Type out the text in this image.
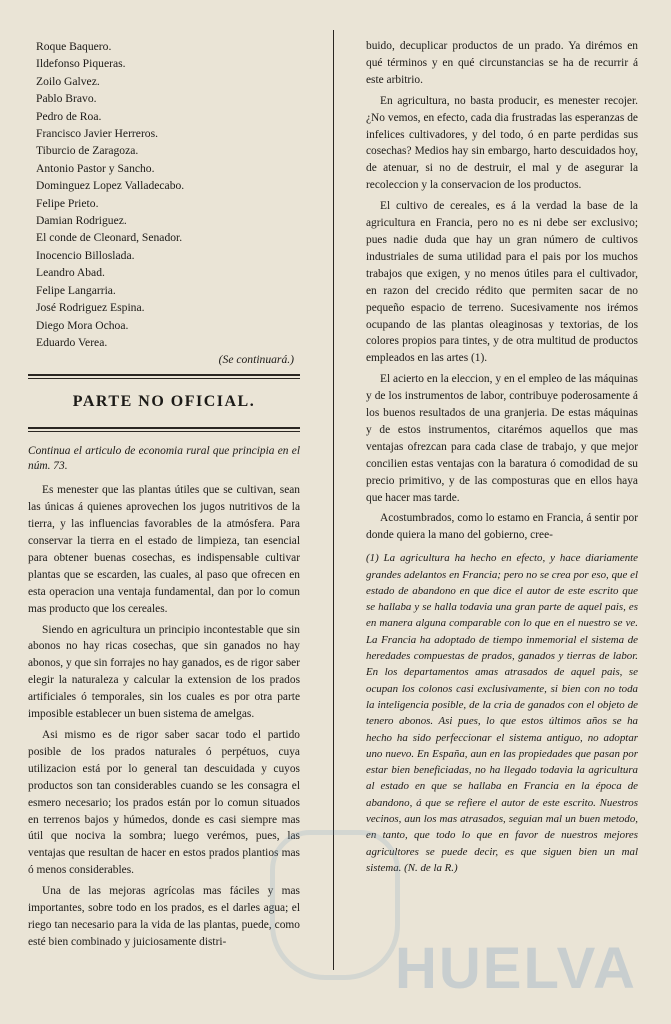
Roque Baquero.
Ildefonso Piqueras.
Zoilo Galvez.
Pablo Bravo.
Pedro de Roa.
Francisco Javier Herreros.
Tiburcio de Zaragoza.
Antonio Pastor y Sancho.
Dominguez Lopez Valladecabo.
Felipe Prieto.
Damian Rodriguez.
El conde de Cleonard, Senador.
Inocencio Billoslada.
Leandro Abad.
Felipe Langarria.
José Rodriguez Espina.
Diego Mora Ochoa.
Eduardo Verea.
(Se continuará.)
PARTE NO OFICIAL.
Continua el articulo de economia rural que principia en el núm. 73.

Es menester que las plantas útiles que se cultivan, sean las únicas á quienes aprovechen los jugos nutritivos de la tierra, y las influencias favorables de la atmósfera. Para conservar la tierra en el estado de limpieza, tan esencial para obtener buenas cosechas, es indispensable cultivar plantas que se escarden, las cuales, al paso que ofrecen en esta operacion una ventaja fundamental, dan por lo comun mas producto que los cereales.

Siendo en agricultura un principio incontestable que sin abonos no hay ricas cosechas, que sin ganados no hay abonos, y que sin forrajes no hay ganados, es de rigor saber elegir la naturaleza y calcular la extension de los prados artificiales ó temporales, sin los cuales es por otra parte imposible establecer un buen sistema de amelgas.

Asi mismo es de rigor saber sacar todo el partido posible de los prados naturales ó perpétuos, cuya utilizacion está por lo general tan descuidada y cuyos productos son tan considerables cuando se les consagra el esmero necesario; los prados están por lo comun situados en terrenos bajos y húmedos, donde es casi siempre mas útil que nociva la sombra; luego verémos, pues, las ventajas que resultan de hacer en estos prados plantios mas ó menos considerables.

Una de las mejoras agrícolas mas fáciles y mas importantes, sobre todo en los prados, es el darles agua; el riego tan necesario para la vida de las plantas, puede, como esté bien combinado y juiciosamente distri-

buido, decuplicar productos de un prado. Ya dirémos en qué términos y en qué circunstancias se ha de recurrir á este arbitrio.

En agricultura, no basta producir, es menester recojer. ¿No vemos, en efecto, cada dia frustradas las esperanzas de infelices cultivadores, y del todo, ó en parte perdidas sus cosechas? Medios hay sin embargo, harto descuidados hoy, de atenuar, si no de destruir, el mal y de asegurar la recoleccion y la conservacion de los productos.

El cultivo de cereales, es á la verdad la base de la agricultura en Francia, pero no es ni debe ser exclusivo; pues nadie duda que hay un gran número de cultivos industriales de suma utilidad para el pais por los muchos trabajos que exigen, y no menos útiles para el cultivador, en razon del crecido rédito que permiten sacar de no pequeño espacio de terreno. Sucesivamente nos irémos ocupando de las plantas oleaginosas y textorias, de los colores propios para tintes, y de otra multitud de productos empleados en las artes (1).

El acierto en la eleccion, y en el empleo de las máquinas y de los instrumentos de labor, contribuye poderosamente á los buenos resultados de una granjeria. De estas máquinas y de estos instrumentos, citarémos aquellos que mas ventajas ofrezcan para cada clase de trabajo, y que mejor concilien estas ventajas con la baratura ó comodidad de su precio primitivo, y de las composturas que en ellos haya que hacer mas tarde.

Acostumbrados, como lo estamo en Francia, á sentir por donde quiera la mano del gobierno, cree-

(1) La agricultura ha hecho en efecto, y hace diariamente grandes adelantos en Francia; pero no se crea por eso, que el estado de abandono en que dice el autor de este escrito que se hallaba y se halla todavia una gran parte de aquel pais, es en manera alguna comparable con lo que en el nuestro se ve. La Francia ha adoptado de tiempo inmemorial el sistema de heredades compuestas de prados, ganados y tierras de labor. En los departamentos amas atrasados de aquel pais, se ocupan los colonos casi exclusivamente, si bien con no toda la inteligencia posible, de la cria de ganados con el objeto de tenero abonos. Asi pues, lo que estos últimos años se ha hecho ha sido perfeccionar el sistema antiguo, no adoptar uno nuevo. En España, aun en las propiedades que pasan por estar bien beneficiadas, no ha llegado todavia la agricultura al estado en que se hallaba en Francia en la época de abandono, á que se refiere el autor de este escrito. Nuestros vecinos, aun los mas atrasados, seguian mal un buen metodo, en tanto, que todo lo que en favor de nuestros mejores agricultores se puede decir, es que siguen bien un mal sistema. (N. de la R.)
HUELVA
